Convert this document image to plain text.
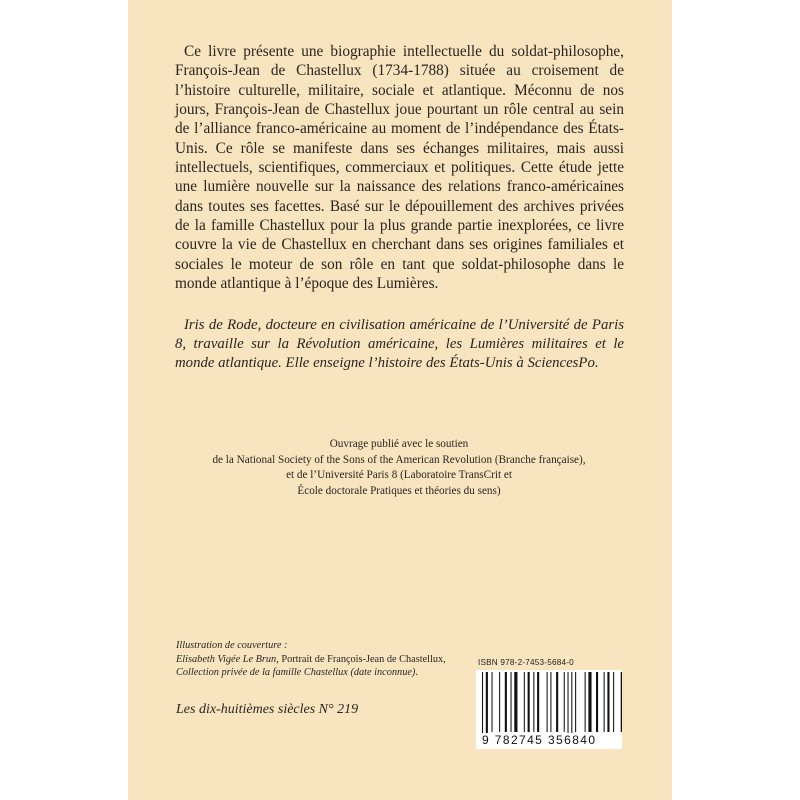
Ce livre présente une biographie intellectuelle du soldat-philosophe, François-Jean de Chastellux (1734-1788) située au croisement de l’histoire culturelle, militaire, sociale et atlantique. Méconnu de nos jours, François-Jean de Chastellux joue pourtant un rôle central au sein de l’alliance franco-américaine au moment de l’indépendance des États-Unis. Ce rôle se manifeste dans ses échanges militaires, mais aussi intellectuels, scientifiques, commerciaux et politiques. Cette étude jette une lumière nouvelle sur la naissance des relations franco-américaines dans toutes ses facettes. Basé sur le dépouillement des archives privées de la famille Chastellux pour la plus grande partie inexplorées, ce livre couvre la vie de Chastellux en cherchant dans ses origines familiales et sociales le moteur de son rôle en tant que soldat-philosophe dans le monde atlantique à l’époque des Lumières.

Iris de Rode, docteure en civilisation américaine de l’Université de Paris 8, travaille sur la Révolution américaine, les Lumières militaires et le monde atlantique. Elle enseigne l’histoire des États-Unis à SciencesPo.

Ouvrage publié avec le soutien
de la National Society of the Sons of the American Revolution (Branche française),
et de l’Université Paris 8 (Laboratoire TransCrit et
École doctorale Pratiques et théories du sens)
Illustration de couverture :
Elisabeth Vigée Le Brun, Portrait de François-Jean de Chastellux,
Collection privée de la famille Chastellux (date inconnue).
Les dix-huitièmes siècles N° 219
ISBN 978-2-7453-5684-0
9 782745 356840
